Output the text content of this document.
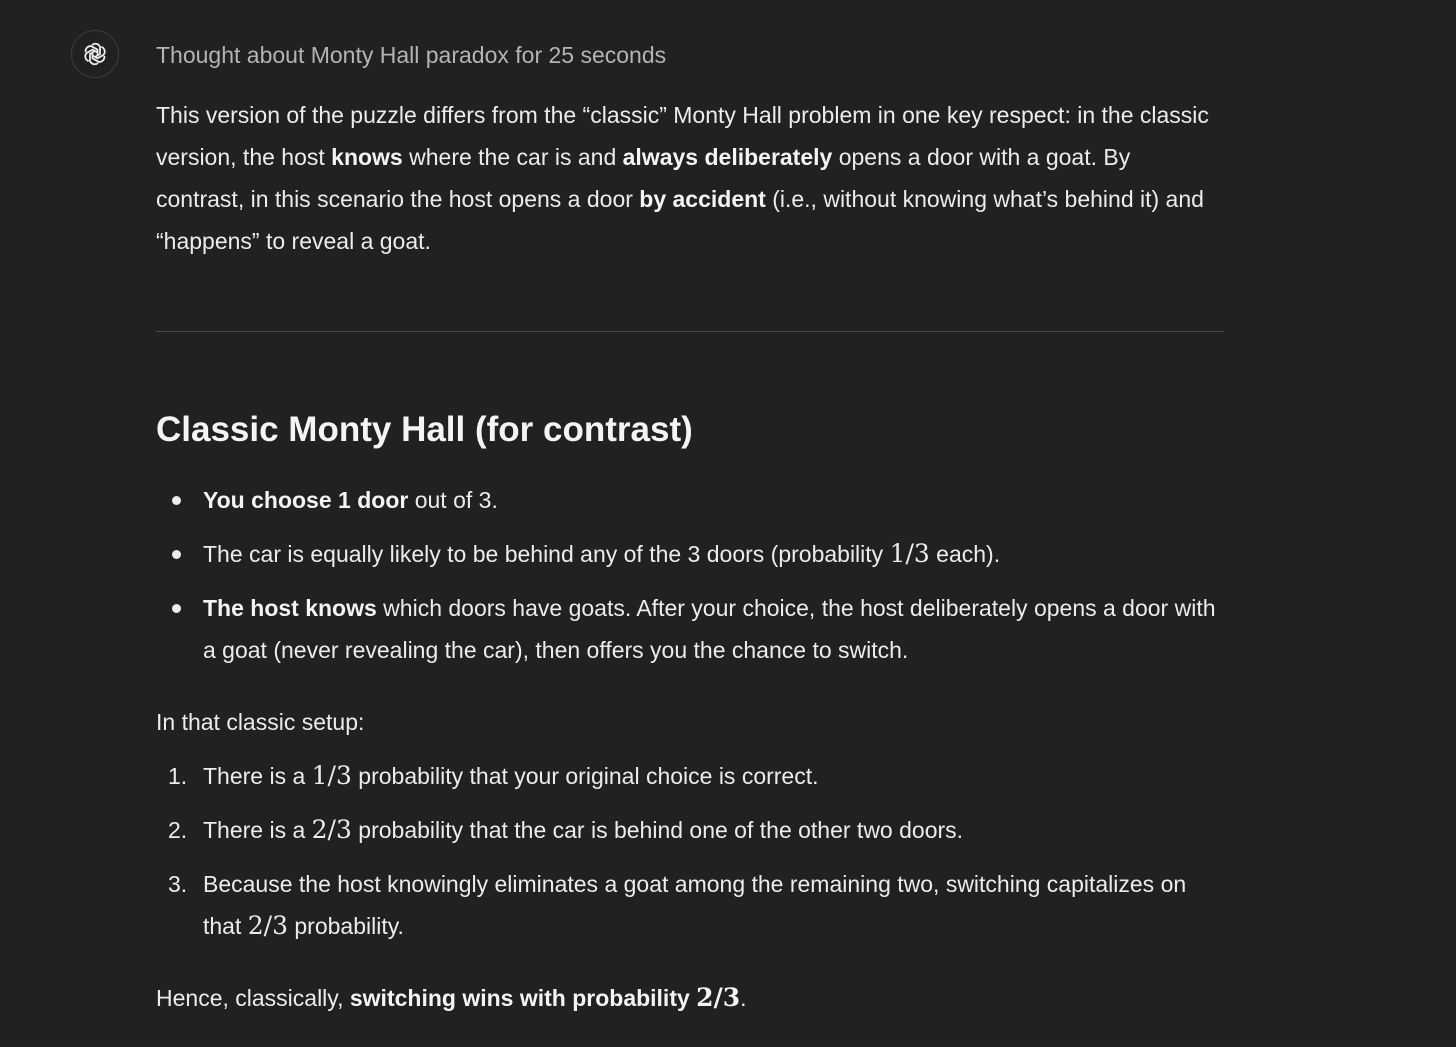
Thought about Monty Hall paradox for 25 seconds

This version of the puzzle differs from the “classic” Monty Hall problem in one key respect: in the classic version, the host knows where the car is and always deliberately opens a door with a goat. By contrast, in this scenario the host opens a door by accident (i.e., without knowing what’s behind it) and “happens” to reveal a goat.

Classic Monty Hall (for contrast)
You choose 1 door out of 3.
The car is equally likely to be behind any of the 3 doors (probability 1/3 each).
The host knows which doors have goats. After your choice, the host deliberately opens a door with a goat (never revealing the car), then offers you the chance to switch.

In that classic setup:

1. There is a 1/3 probability that your original choice is correct.
2. There is a 2/3 probability that the car is behind one of the other two doors.
3. Because the host knowingly eliminates a goat among the remaining two, switching capitalizes on that 2/3 probability.

Hence, classically, switching wins with probability 2/3.
